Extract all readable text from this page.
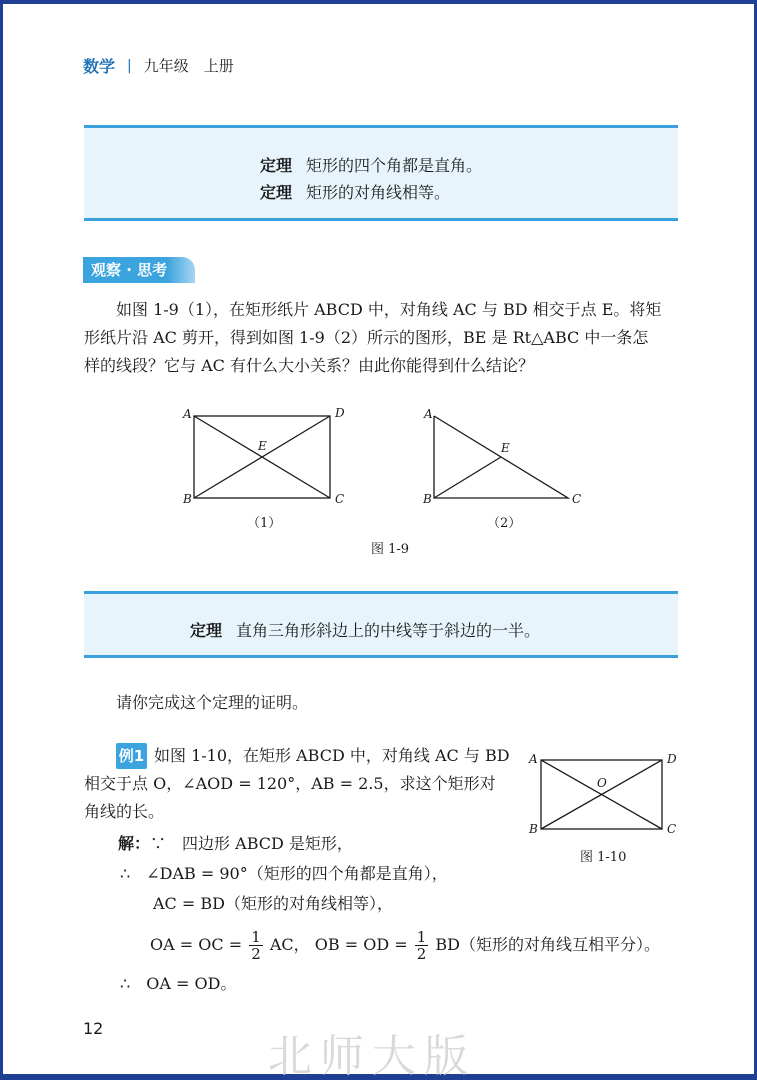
数学 | 九年级　上册
定理 矩形的四个角都是直角。
定理 矩形的对角线相等。
观察 · 思考
如图 1-9（1），在矩形纸片 ABCD 中，对角线 AC 与 BD 相交于点 E。将矩
形纸片沿 AC 剪开，得到如图 1-9（2）所示的图形，BE 是 Rt△ABC 中一条怎
样的线段？它与 AC 有什么大小关系？由此你能得到什么结论？
A	D
E
B	C
（1）
A
E
B	C
（2）
图 1-9
定理 直角三角形斜边上的中线等于斜边的一半。
请你完成这个定理的证明。
例1 如图 1-10，在矩形 ABCD 中，对角线 AC 与 BD
相交于点 O，∠AOD = 120°，AB = 2.5，求这个矩形对
角线的长。
A	D
O
B	C
图 1-10
解：∵　 四边形 ABCD 是矩形，
∴　 ∠DAB = 90°（矩形的四个角都是直角），
AC = BD（矩形的对角线相等），
OA = OC = $\frac{1}{2}$ AC， OB = OD = $\frac{1}{2} BD$（矩形的对角线互相平分）。
∴　 OA = OD。
12
北师大版
